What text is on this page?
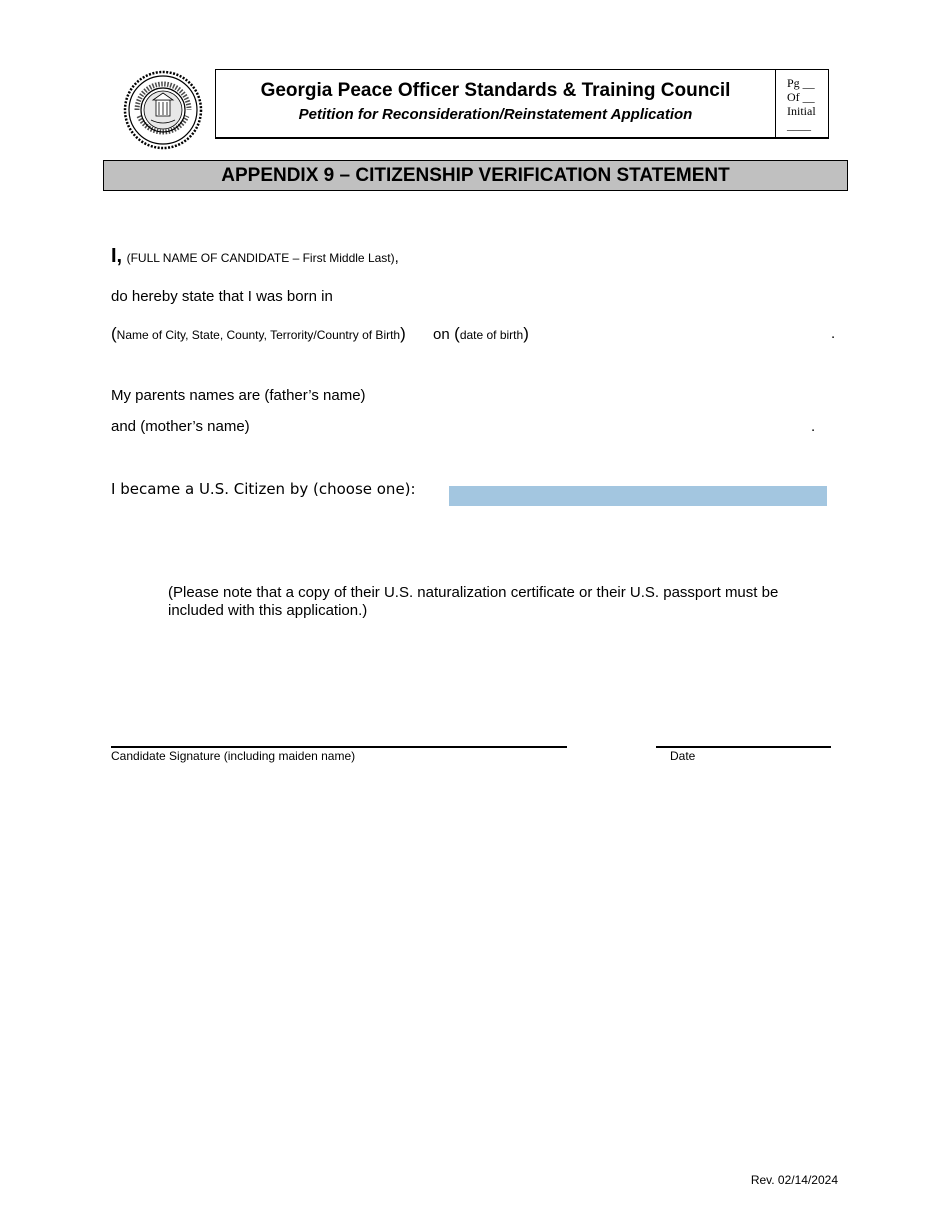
Georgia Peace Officer Standards & Training Council
Petition for Reconsideration/Reinstatement Application
Pg __
Of __
Initial
____
APPENDIX 9 – CITIZENSHIP VERIFICATION STATEMENT
I, (FULL NAME OF CANDIDATE – First Middle Last),
do hereby state that I was born in
(Name of City, State, County, Terrority/Country of Birth) on (date of birth)	.
My parents names are (father’s name)
and (mother’s name)	.
I became a U.S. Citizen by (choose one):
(Please note that a copy of their U.S. naturalization certificate or their U.S. passport must be included with this application.)
Candidate Signature (including maiden name)	Date
Rev. 02/14/2024
